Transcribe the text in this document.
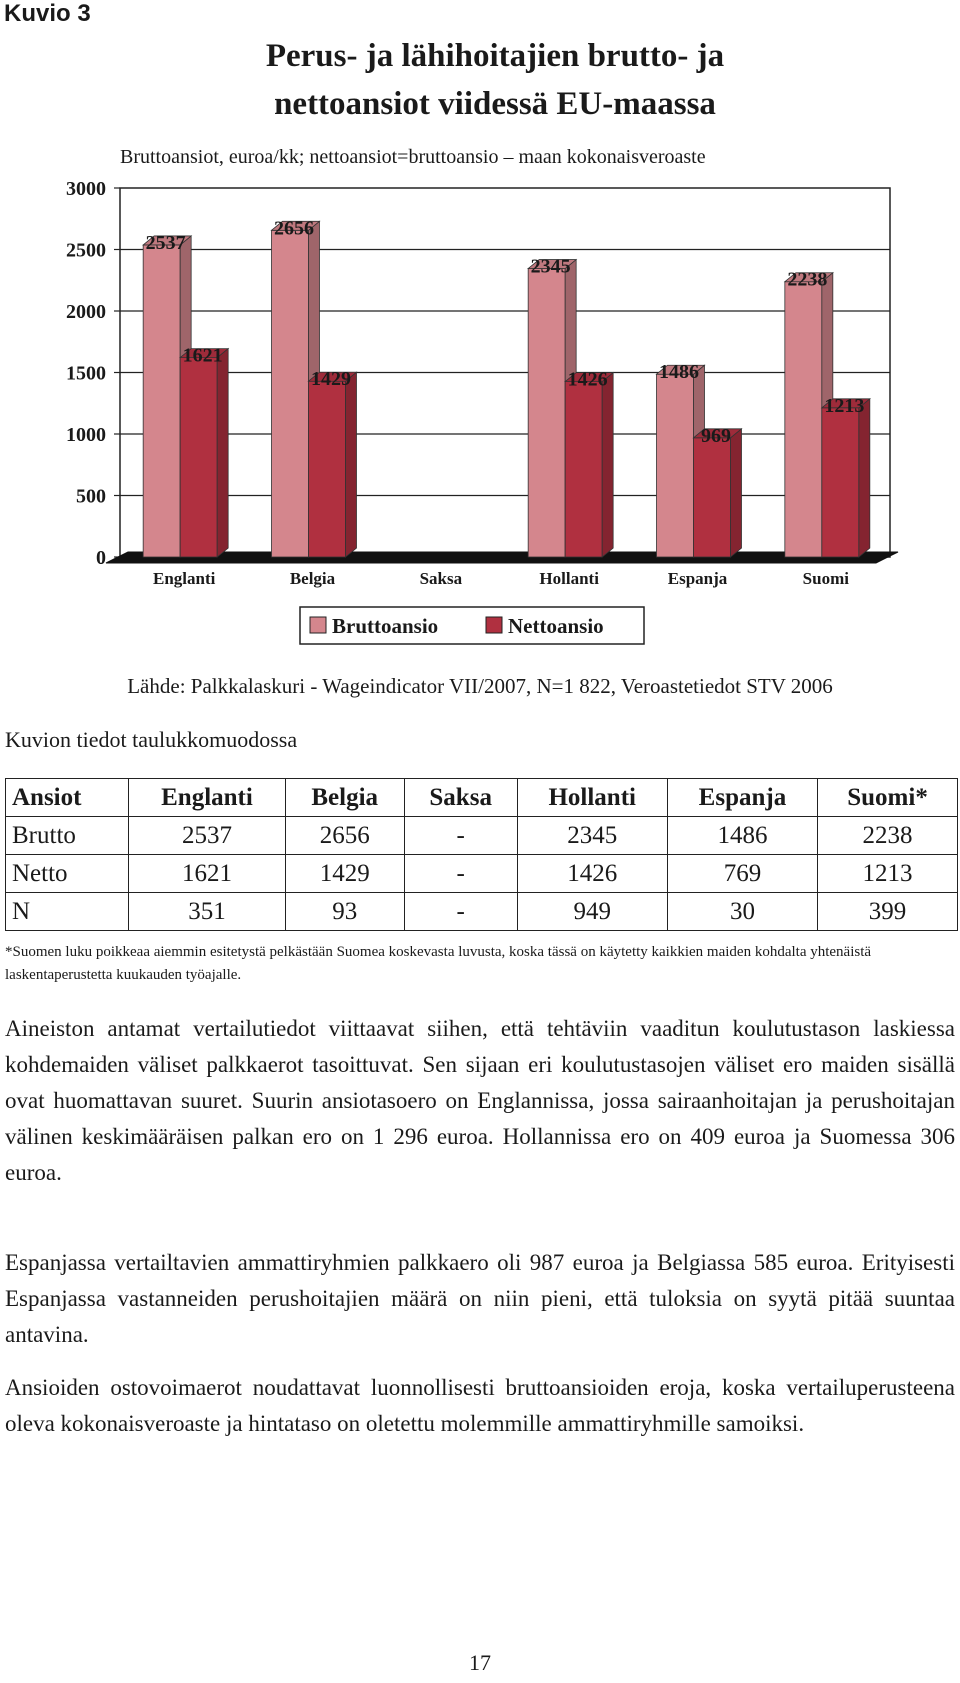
Kuvio 3
Perus- ja lähihoitajien brutto- ja
nettoansiot viidessä EU-maassa
Bruttoansiot, euroa/kk; nettoansiot=bruttoansio – maan kokonaisveroaste
0
500
1000
1500
2000
2500
3000
2537
1621
Englanti
2656
1429
Belgia	Saksa
2345
1426
Hollanti
1486
969
Espanja
2238
1213
Suomi
Bruttoansio	Nettoansio
Lähde: Palkkalaskuri - Wageindicator VII/2007, N=1 822, Veroastetiedot STV 2006
Kuvion tiedot taulukkomuodossa
Ansiot	Englanti	Belgia	Saksa	Hollanti	Espanja	Suomi*
Brutto	2537	2656	-	2345	1486	2238
Netto	1621	1429	-	1426	769	1213
N	351	93	-	949	30	399
*Suomen luku poikkeaa aiemmin esitetystä pelkästään Suomea koskevasta luvusta, koska tässä on käytetty kaikkien maiden kohdalta yhtenäistä laskentaperustetta kuukauden työajalle.

Aineiston antamat vertailutiedot viittaavat siihen, että tehtäviin vaaditun koulutustason laskiessa kohdemaiden väliset palkkaerot tasoittuvat. Sen sijaan eri koulutustasojen väliset ero maiden sisällä ovat huomattavan suuret. Suurin ansiotasoero on Englannissa, jossa sairaanhoitajan ja perushoitajan välinen keskimääräisen palkan ero on 1 296 euroa. Hollannissa ero on 409 euroa ja Suomessa 306 euroa.

Espanjassa vertailtavien ammattiryhmien palkkaero oli 987 euroa ja Belgiassa 585 euroa. Erityisesti Espanjassa vastanneiden perushoitajien määrä on niin pieni, että tuloksia on syytä pitää suuntaa antavina.

Ansioiden ostovoimaerot noudattavat luonnollisesti bruttoansioiden eroja, koska vertailuperusteena oleva kokonaisveroaste ja hintataso on oletettu molemmille ammattiryhmille samoiksi.

17
